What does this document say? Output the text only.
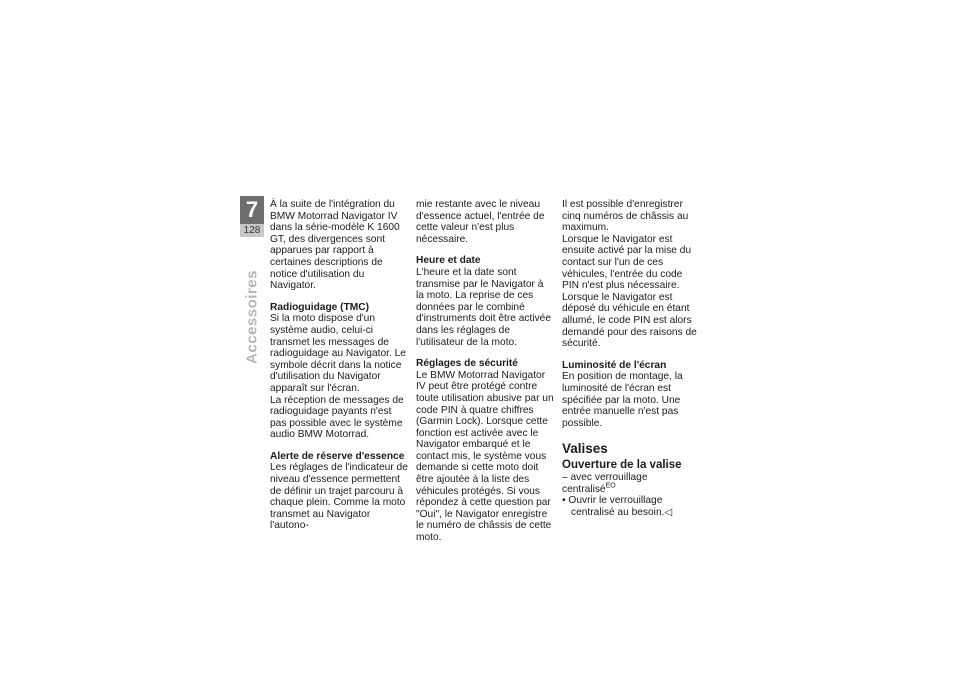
7
128
Accessoires

À la suite de l'intégration du BMW Motorrad Navigator IV dans la série-modèle K 1600 GT, des divergences sont apparues par rapport à certaines descriptions de notice d'utilisation du Navigator.

Radioguidage (TMC)

Si la moto dispose d'un système audio, celui-ci transmet les messages de radioguidage au Navigator. Le symbole décrit dans la notice d'utilisation du Navigator apparaît sur l'écran.

La réception de messages de radioguidage payants n'est pas possible avec le système audio BMW Motorrad.

Alerte de réserve d'essence

Les réglages de l'indicateur de niveau d'essence permettent de définir un trajet parcouru à chaque plein. Comme la moto transmet au Navigator l'autono-

mie restante avec le niveau d'essence actuel, l'entrée de cette valeur n'est plus nécessaire.

Heure et date

L'heure et la date sont transmise par le Navigator à la moto. La reprise de ces données par le combiné d'instruments doit être activée dans les réglages de l'utilisateur de la moto.

Réglages de sécurité

Le BMW Motorrad Navigator IV peut être protégé contre toute utilisation abusive par un code PIN à quatre chiffres (Garmin Lock). Lorsque cette fonction est activée avec le Navigator embarqué et le contact mis, le système vous demande si cette moto doit être ajoutée à la liste des véhicules protégés. Si vous répondez à cette question par "Oui", le Navigator enregistre le numéro de châssis de cette moto.

Il est possible d'enregistrer cinq numéros de châssis au maximum.

Lorsque le Navigator est ensuite activé par la mise du contact sur l'un de ces véhicules, l'entrée du code PIN n'est plus nécessaire. Lorsque le Navigator est déposé du véhicule en étant allumé, le code PIN est alors demandé pour des raisons de sécurité.

Luminosité de l'écran

En position de montage, la luminosité de l'écran est spécifiée par la moto. Une entrée manuelle n'est pas possible.

Valises
Ouverture de la valise

– avec verrouillage centralisé$^{EO}$

• Ouvrir le verrouillage centralisé au besoin.◁
